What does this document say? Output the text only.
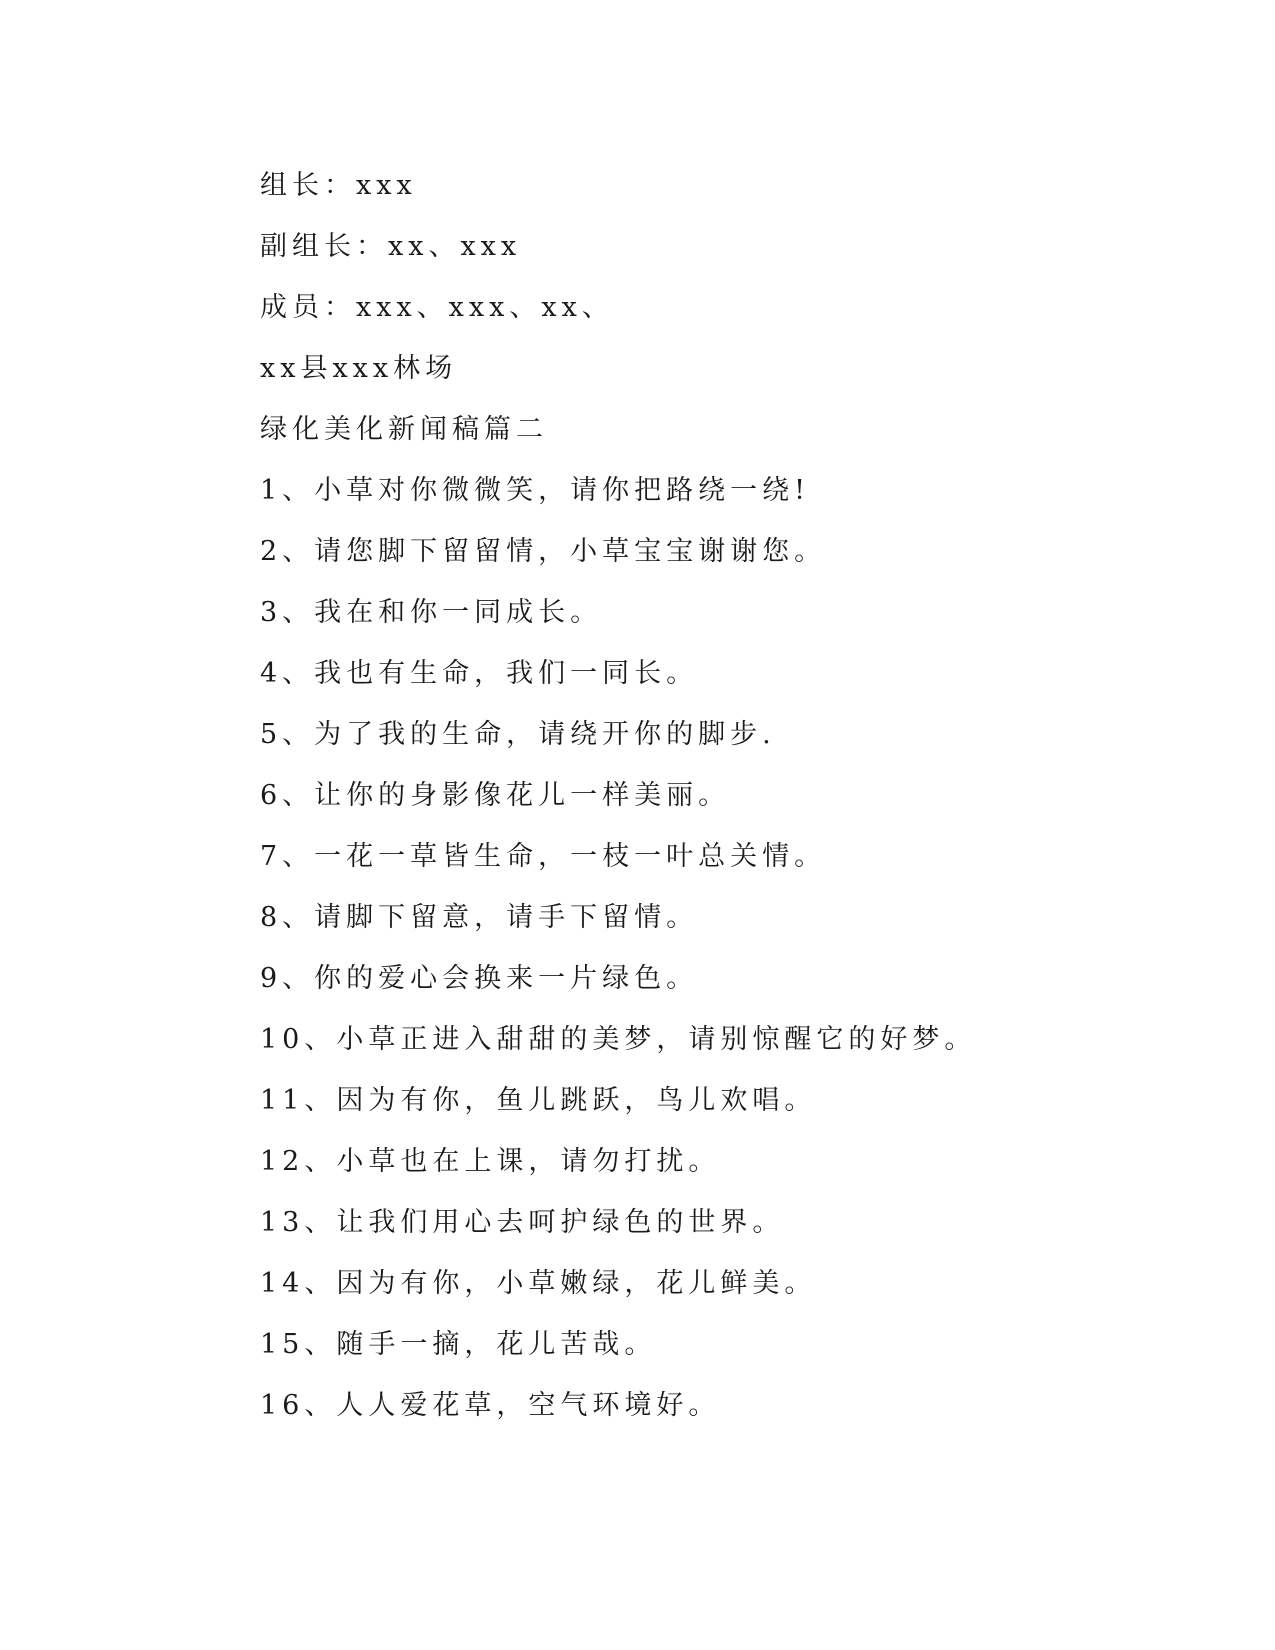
组长：xxx
副组长：xx、xxx
成员：xxx、xxx、xx、
xx县xxx林场
绿化美化新闻稿篇二
1、小草对你微微笑，请你把路绕一绕!
2、请您脚下留留情，小草宝宝谢谢您。
3、我在和你一同成长。
4、我也有生命，我们一同长。
5、为了我的生命，请绕开你的脚步.
6、让你的身影像花儿一样美丽。
7、一花一草皆生命，一枝一叶总关情。
8、请脚下留意，请手下留情。
9、你的爱心会换来一片绿色。
10、小草正进入甜甜的美梦，请别惊醒它的好梦。
11、因为有你，鱼儿跳跃，鸟儿欢唱。
12、小草也在上课，请勿打扰。
13、让我们用心去呵护绿色的世界。
14、因为有你，小草嫩绿，花儿鲜美。
15、随手一摘，花儿苦哉。
16、人人爱花草，空气环境好。
